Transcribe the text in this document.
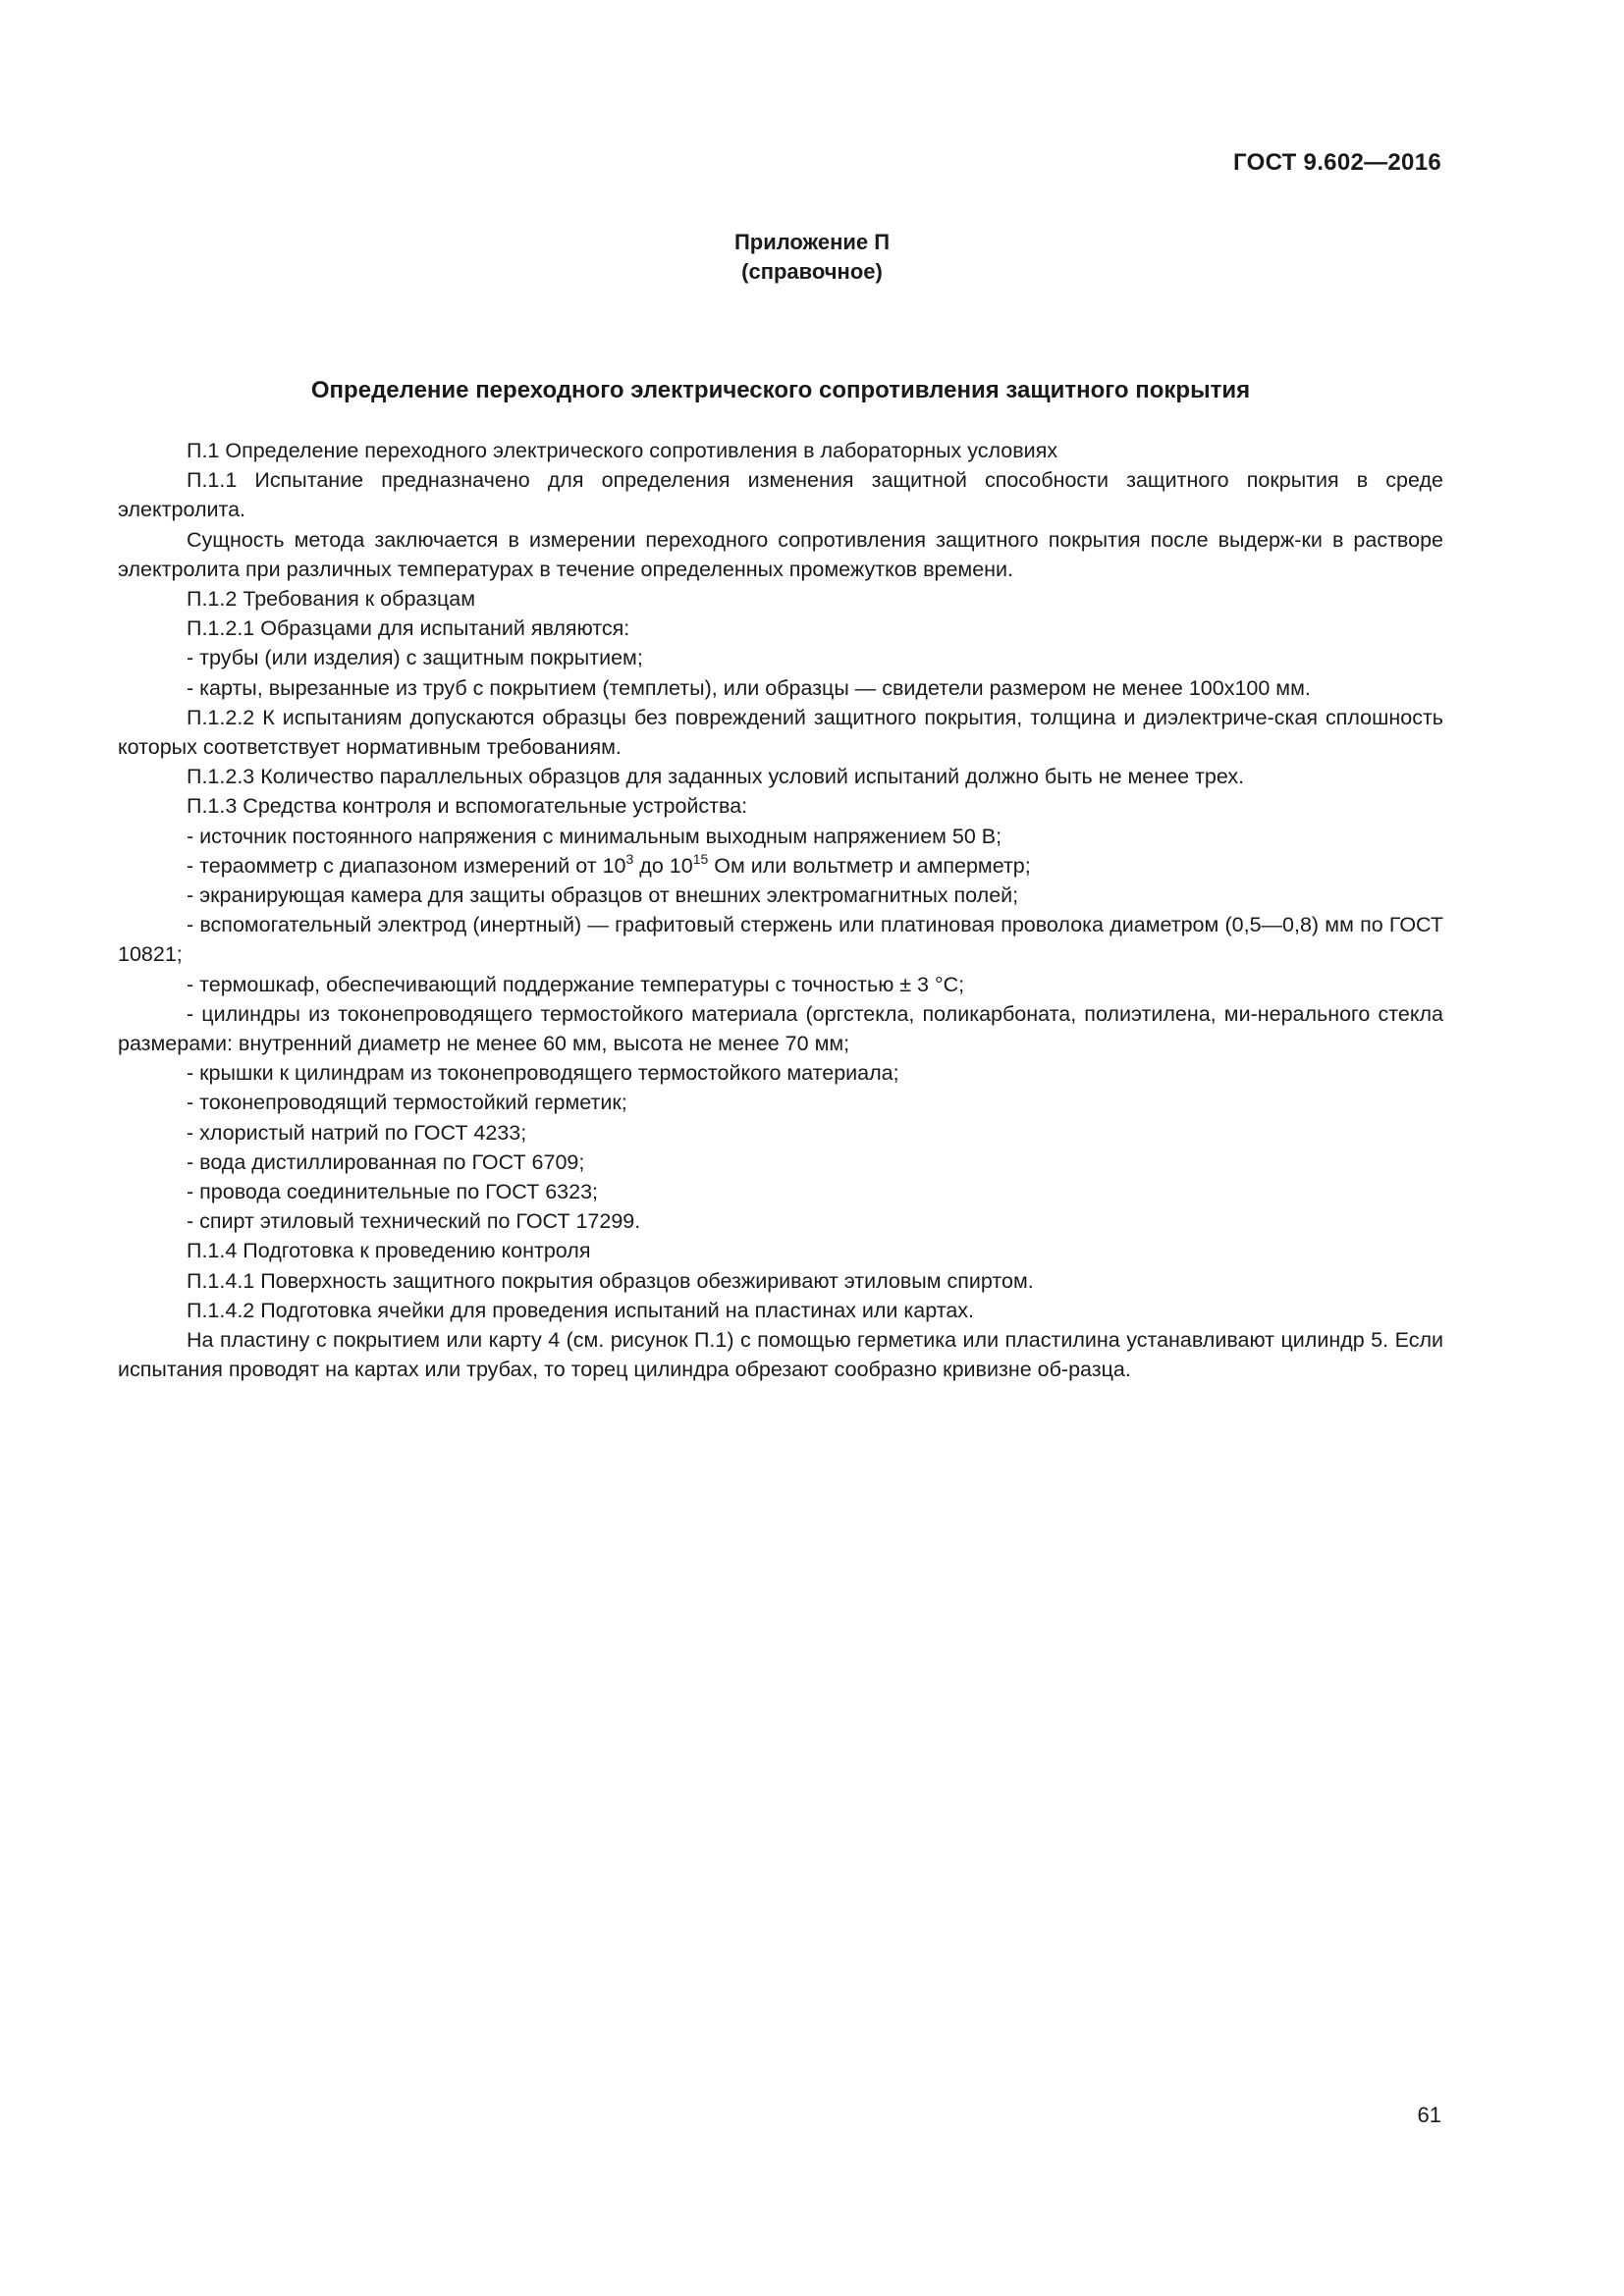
ГОСТ 9.602—2016
Приложение П
(справочное)
Определение переходного электрического сопротивления защитного покрытия

П.1 Определение переходного электрического сопротивления в лабораторных условиях

П.1.1 Испытание предназначено для определения изменения защитной способности защитного покрытия в среде электролита.

Сущность метода заключается в измерении переходного сопротивления защитного покрытия после выдерж-ки в растворе электролита при различных температурах в течение определенных промежутков времени.

П.1.2 Требования к образцам

П.1.2.1 Образцами для испытаний являются:

- трубы (или изделия) с защитным покрытием;

- карты, вырезанные из труб с покрытием (темплеты), или образцы — свидетели размером не менее 100x100 мм.

П.1.2.2 К испытаниям допускаются образцы без повреждений защитного покрытия, толщина и диэлектриче-ская сплошность которых соответствует нормативным требованиям.

П.1.2.3 Количество параллельных образцов для заданных условий испытаний должно быть не менее трех.

П.1.3 Средства контроля и вспомогательные устройства:

- источник постоянного напряжения с минимальным выходным напряжением 50 В;

- тераомметр с диапазоном измерений от $10^3$ до $10^{15}$ Ом или вольтметр и амперметр;

- экранирующая камера для защиты образцов от внешних электромагнитных полей;

- вспомогательный электрод (инертный) — графитовый стержень или платиновая проволока диаметром (0,5—0,8) мм по ГОСТ 10821;

- термошкаф, обеспечивающий поддержание температуры с точностью ± 3 °С;

- цилиндры из токонепроводящего термостойкого материала (оргстекла, поликарбоната, полиэтилена, ми-нерального стекла размерами: внутренний диаметр не менее 60 мм, высота не менее 70 мм;

- крышки к цилиндрам из токонепроводящего термостойкого материала;

- токонепроводящий термостойкий герметик;

- хлористый натрий по ГОСТ 4233;

- вода дистиллированная по ГОСТ 6709;

- провода соединительные по ГОСТ 6323;

- спирт этиловый технический по ГОСТ 17299.

П.1.4 Подготовка к проведению контроля

П.1.4.1 Поверхность защитного покрытия образцов обезжиривают этиловым спиртом.

П.1.4.2 Подготовка ячейки для проведения испытаний на пластинах или картах.

На пластину с покрытием или карту 4 (см. рисунок П.1) с помощью герметика или пластилина устанавливают цилиндр 5. Если испытания проводят на картах или трубах, то торец цилиндра обрезают сообразно кривизне об-разца.

61
